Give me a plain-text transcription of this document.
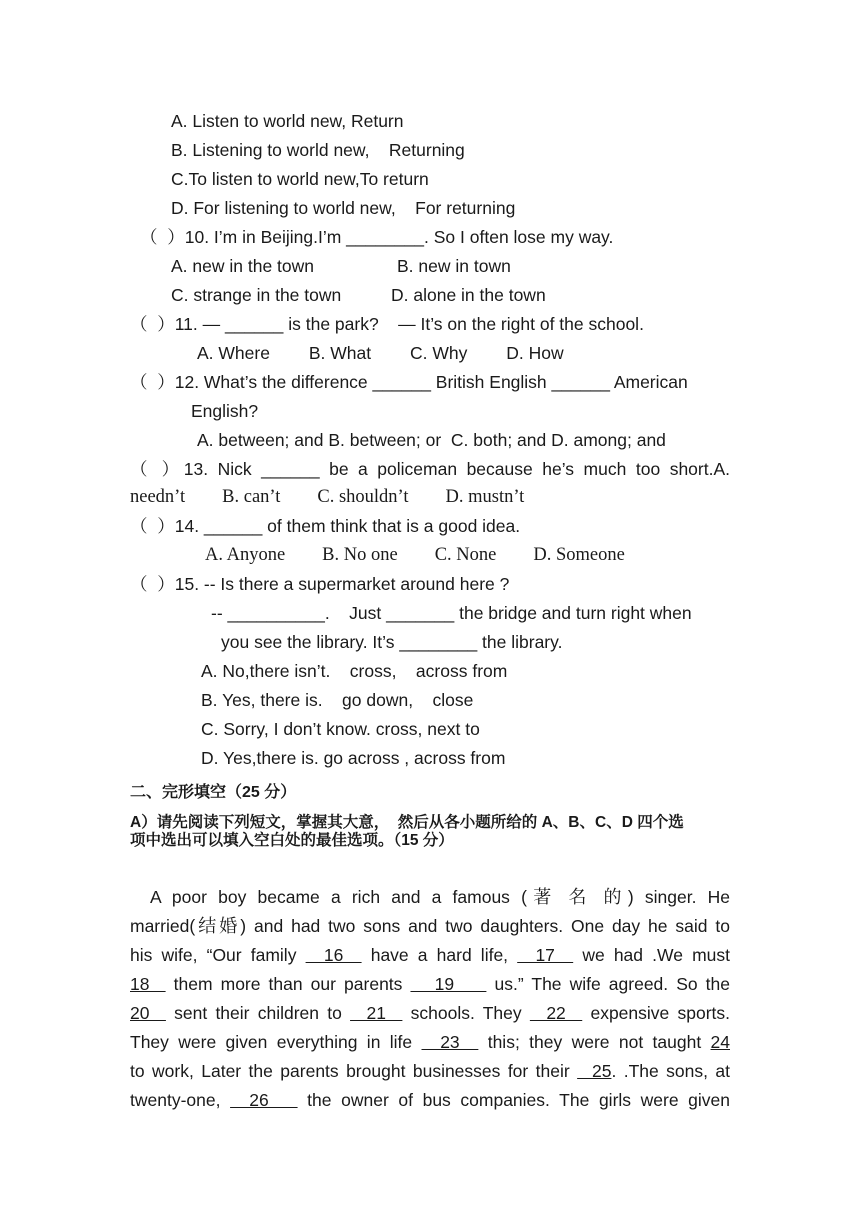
A. Listen to world new, Return
B. Listening to world new,    Returning
C.To listen to world new,To return
D. For listening to world new,    For returning
（  ）10. I’m in Beijing.I’m ________. So I often lose my way.
A. new in the town	B. new in town
C. strange in the town	D. alone in the town
（  ）11. — ______ is the park?    — It’s on the right of the school.
A. Where        B. What        C. Why        D. How
（  ）12. What’s the difference ______ British English ______ American
English?
A. between; and B. between; or  C. both; and D. among; and
（ ）13. Nick ______ be a policeman because he’s much too short.A.
needn’t        B. can’t        C. shouldn’t        D. mustn’t
（  ）14. ______ of them think that is a good idea.
A. Anyone        B. No one        C. None        D. Someone
（  ）15. -- Is there a supermarket around here ?
-- __________.    Just _______ the bridge and turn right when
you see the library. It’s ________ the library.
A. No,there isn’t.    cross,    across from
B. Yes, there is.    go down,    close
C. Sorry, I don’t know. cross, next to
D. Yes,there is. go across , across from
二、完形填空（25 分）
A）请先阅读下列短文，掌握其大意，  然后从各小题所给的 A、B、C、D 四个选
项中选出可以填入空白处的最佳选项。（15 分）
A poor boy became a rich and a famous (著 名 的) singer. He
married(结婚) and had two sons and two daughters. One day he said to
his wife, “Our family   16   have a hard life,   17   we had .We must
18   them more than our parents    19     us.” The wife agreed. So the
20   sent their children to   21   schools. They   22   expensive sports.
They were given everything in life   23   this; they were not taught 24
to work, Later the parents brought businesses for their   25. .The sons, at
twenty-one,   26    the owner of bus companies. The girls were given
